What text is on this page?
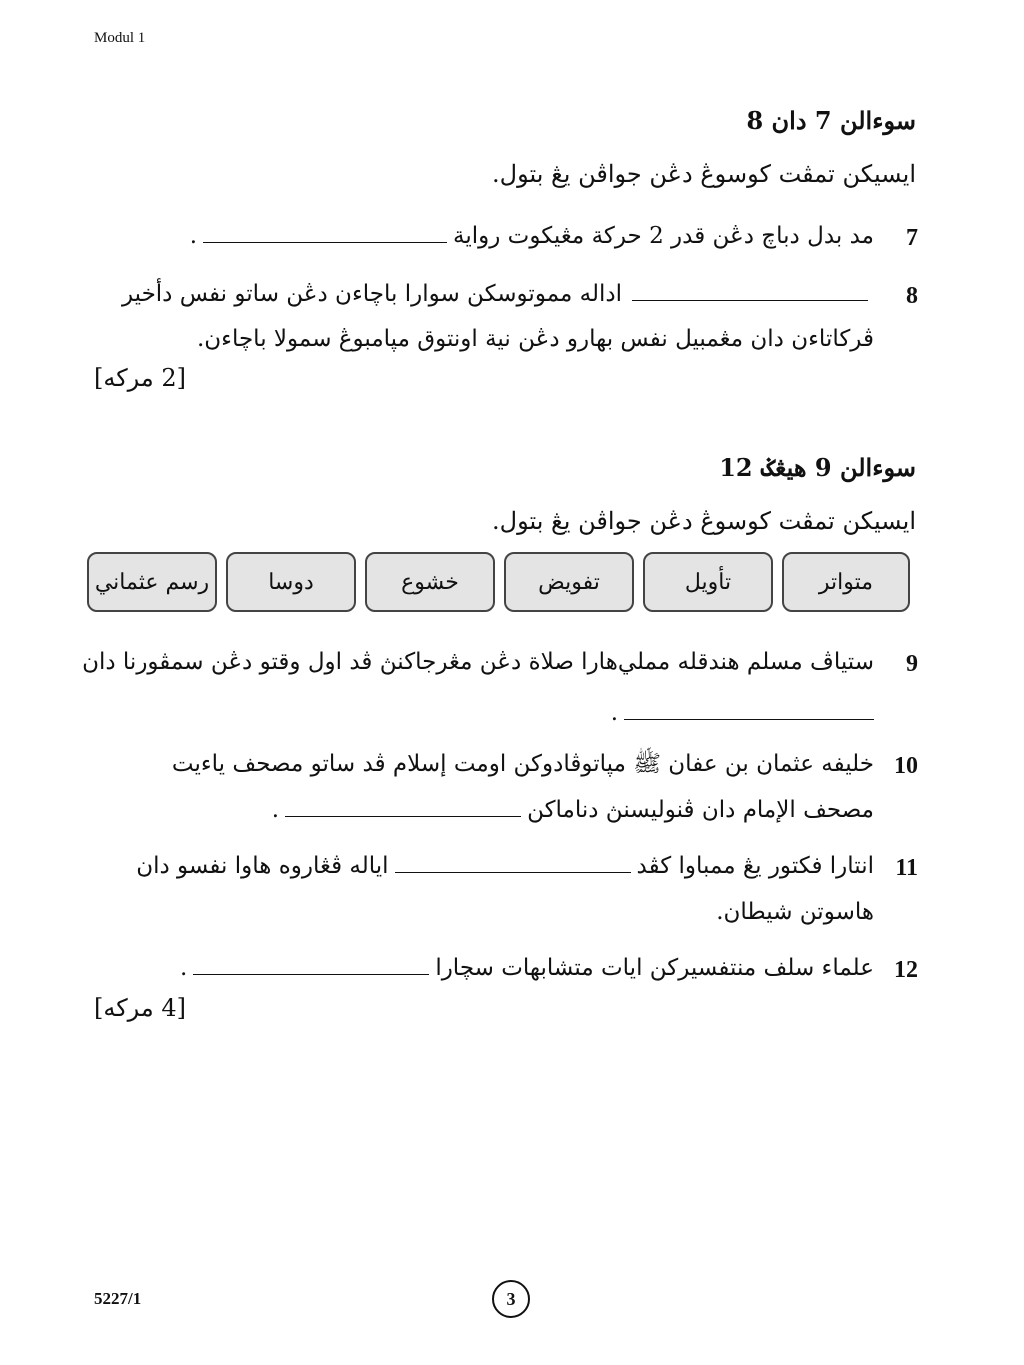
Modul 1
سوءالن 7 دان 8
ايسيکن تمڤت کوسوڠ دڠن جواڤن يڠ بتول.
7
مد بدل دباچ دڠن قدر 2 حرکة مڠيکوت رواية.
8
اداله مموتوسکن سوارا باچاءن دڠن ساتو نفس دأخير
ڤرکاتاءن دان مڠمبيل نفس بهارو دڠن نية اونتوق مپامبوڠ سمولا باچاءن.
[2 مرکه]
سوءالن 9 هيڠݢ 12
ايسيکن تمڤت کوسوڠ دڠن جواڤن يڠ بتول.
متواتر
تأويل
تفويض
خشوع
دوسا
رسم عثماني
9
ستياڤ مسلم هندقله مملي‌هارا صلاة دڠن مڠرجاکنڽ ڤد اول وقتو دڠن سمڤورنا دان
.
10
خليفه عثمان بن عفان ﷺ مپاتوڤادوکن اومت إسلام ڤد ساتو مصحف ياءيت
مصحف الإمام دان ڤنوليسنڽ دناماکن.
11
انتارا فکتور يڠ ممباوا کڤداياله ڤڠاروه هاوا نفسو دان
هاسوتن شيطان.
12
علماء سلف منتفسيرکن ايات متشابهات سچارا.
[4 مرکه]
5227/1	3
